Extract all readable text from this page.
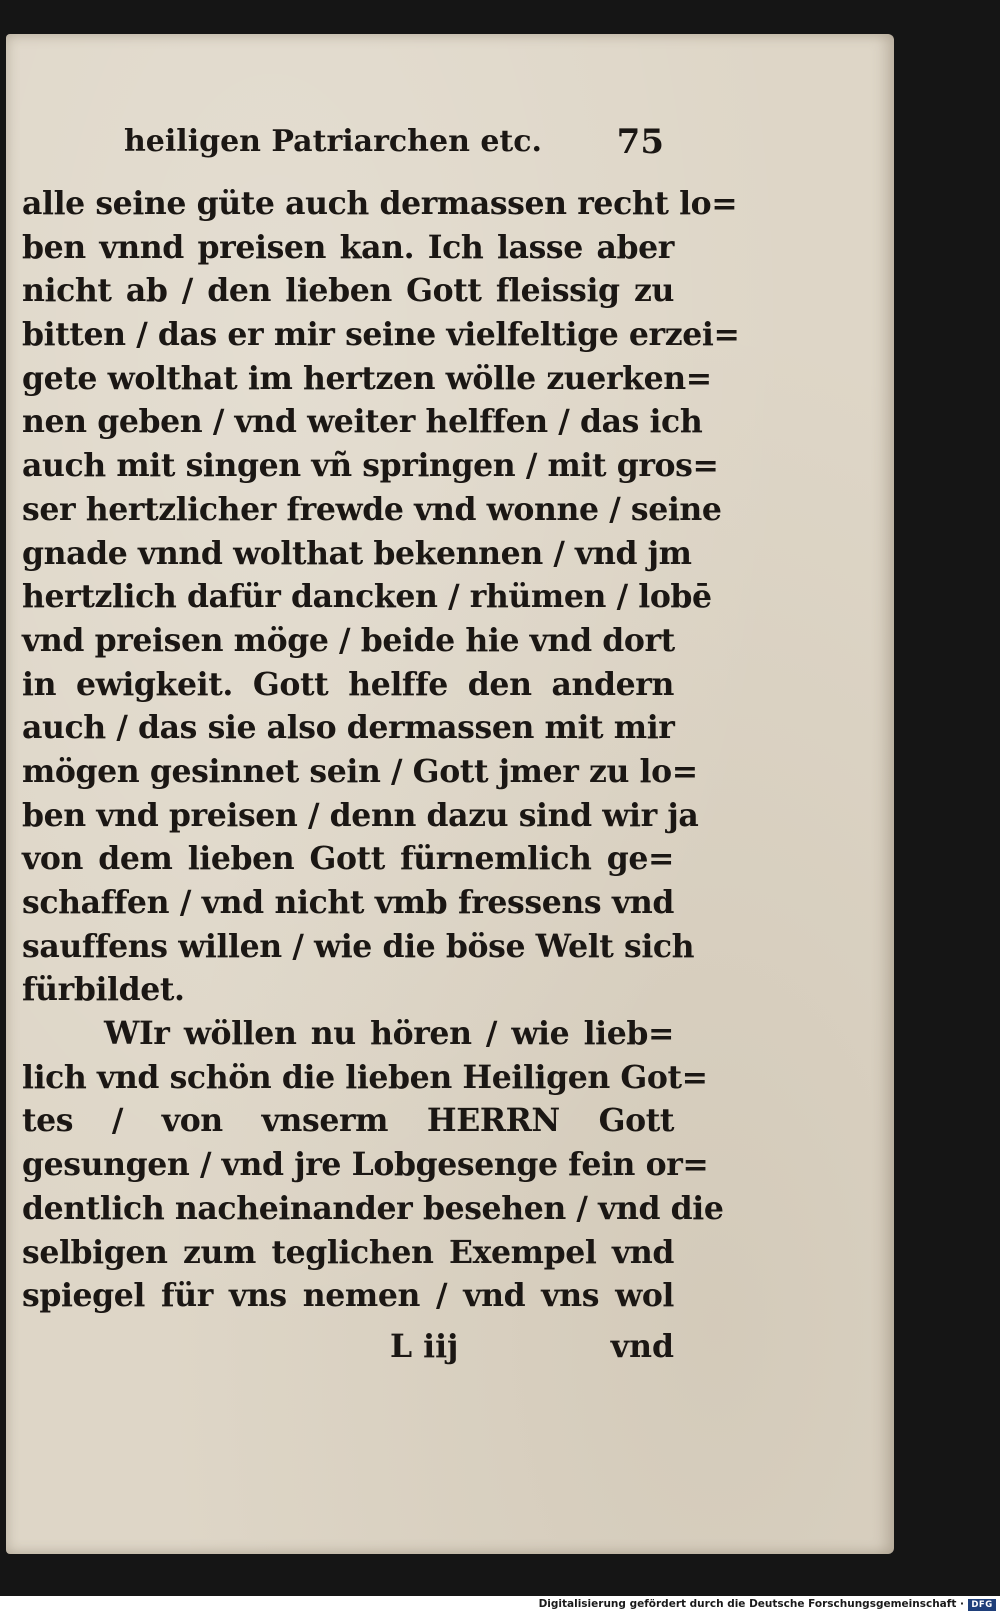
heiligen Patriarchen etc. 75
alle seine güte auch dermassen recht lo=
ben vnnd preisen kan. Ich lasse aber
nicht ab / den lieben Gott fleissig zu
bitten / das er mir seine vielfeltige erzei=
gete wolthat im hertzen wölle zuerken=
nen geben / vnd weiter helffen / das ich
auch mit singen vñ springen / mit gros=
ser hertzlicher frewde vnd wonne / seine
gnade vnnd wolthat bekennen / vnd jm
hertzlich dafür dancken / rhümen / lobē
vnd preisen möge / beide hie vnd dort
in ewigkeit. Gott helffe den andern
auch / das sie also dermassen mit mir
mögen gesinnet sein / Gott jmer zu lo=
ben vnd preisen / denn dazu sind wir ja
von dem lieben Gott fürnemlich ge=
schaffen / vnd nicht vmb fressens vnd
sauffens willen / wie die böse Welt sich
fürbildet.
WIr wöllen nu hören / wie lieb=
lich vnd schön die lieben Heiligen Got=
tes / von vnserm HERRN Gott
gesungen / vnd jre Lobgesenge fein or=
dentlich nacheinander besehen / vnd die
selbigen zum teglichen Exempel vnd
spiegel für vns nemen / vnd vns wol
L iij	vnd
Digitalisierung gefördert durch die Deutsche Forschungsgemeinschaft · DFG
